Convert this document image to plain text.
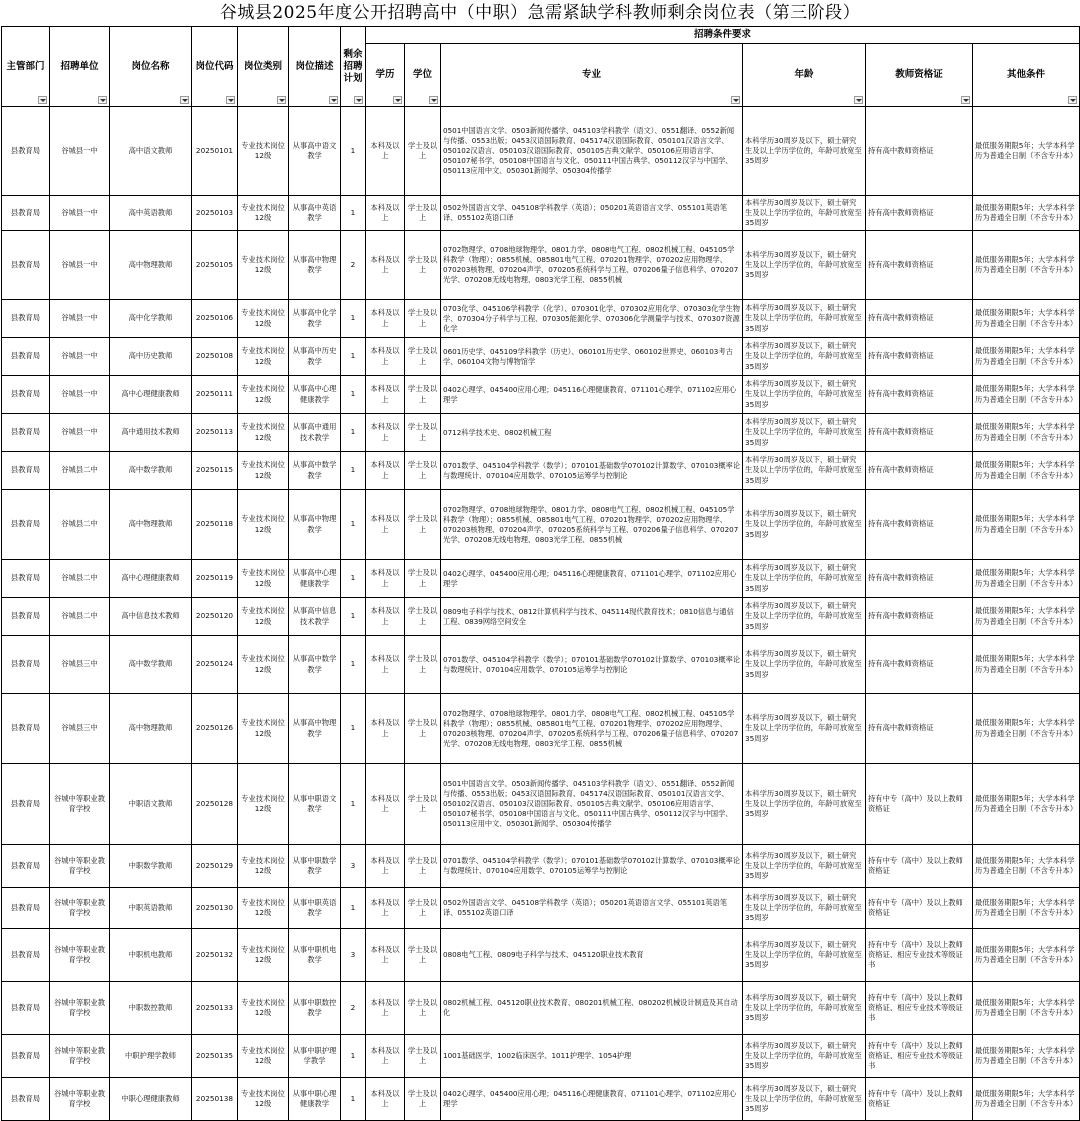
谷城县2025年度公开招聘高中（中职）急需紧缺学科教师剩余岗位表（第三阶段）
主管部门	招聘单位	岗位名称	岗位代码	岗位类别	岗位描述	剩余招聘计划	招聘条件要求					
							学历	学位	专业	年龄	教师资格证	其他条件

县教育局	谷城县一中	高中语文教师	20250101	专业技术岗位12级	从事高中语文教学	1	本科及以上	学士及以上	0501中国语言文学、0503新闻传播学、045103学科教学（语文）、0551翻译、0552新闻与传播、0553出版；0453汉语国际教育、045174汉语国际教育、050101汉语言文学、050102汉语言、050103汉语国际教育、050105古典文献学、050106应用语言学、050107秘书学、050108中国语言与文化、050111中国古典学、050112汉字与中国学、050113应用中文、050301新闻学、050304传播学	本科学历30周岁及以下，硕士研究生及以上学历学位的，年龄可放宽至35周岁	持有高中教师资格证	最低服务期限5年；大学本科学历为普通全日制（不含专升本）
县教育局	谷城县一中	高中英语教师	20250103	专业技术岗位12级	从事高中英语教学	1	本科及以上	学士及以上	0502外国语言文学、045108学科教学（英语）；050201英语语言文学、055101英语笔译、055102英语口译	本科学历30周岁及以下，硕士研究生及以上学历学位的，年龄可放宽至35周岁	持有高中教师资格证	最低服务期限5年；大学本科学历为普通全日制（不含专升本）
县教育局	谷城县一中	高中物理教师	20250105	专业技术岗位12级	从事高中物理教学	2	本科及以上	学士及以上	0702物理学、0708地球物理学、0801力学、0808电气工程、0802机械工程、045105学科教学（物理）；0855机械、085801电气工程、070201物理学、070202应用物理学、070203核物理、070204声学、070205系统科学与工程、070206量子信息科学、070207光学、070208无线电物理、0803光学工程、0855机械	本科学历30周岁及以下，硕士研究生及以上学历学位的，年龄可放宽至35周岁	持有高中教师资格证	最低服务期限5年；大学本科学历为普通全日制（不含专升本）
县教育局	谷城县一中	高中化学教师	20250106	专业技术岗位12级	从事高中化学教学	1	本科及以上	学士及以上	0703化学、045106学科教学（化学）、070301化学、070302应用化学、070303化学生物学、070304分子科学与工程、070305能源化学、070306化学测量学与技术、070307资源化学	本科学历30周岁及以下，硕士研究生及以上学历学位的，年龄可放宽至35周岁	持有高中教师资格证	最低服务期限5年；大学本科学历为普通全日制（不含专升本）
县教育局	谷城县一中	高中历史教师	20250108	专业技术岗位12级	从事高中历史教学	1	本科及以上	学士及以上	0601历史学、045109学科教学（历史）、060101历史学、060102世界史、060103考古学、060104文物与博物馆学	本科学历30周岁及以下，硕士研究生及以上学历学位的，年龄可放宽至35周岁	持有高中教师资格证	最低服务期限5年；大学本科学历为普通全日制（不含专升本）
县教育局	谷城县一中	高中心理健康教师	20250111	专业技术岗位12级	从事高中心理健康教学	1	本科及以上	学士及以上	0402心理学、045400应用心理；045116心理健康教育、071101心理学、071102应用心理学	本科学历30周岁及以下，硕士研究生及以上学历学位的，年龄可放宽至35周岁	持有高中教师资格证	最低服务期限5年；大学本科学历为普通全日制（不含专升本）
县教育局	谷城县一中	高中通用技术教师	20250113	专业技术岗位12级	从事高中通用技术教学	1	本科及以上	学士及以上	0712科学技术史、0802机械工程	本科学历30周岁及以下，硕士研究生及以上学历学位的，年龄可放宽至35周岁	持有高中教师资格证	最低服务期限5年；大学本科学历为普通全日制（不含专升本）
县教育局	谷城县二中	高中数学教师	20250115	专业技术岗位12级	从事高中数学教学	1	本科及以上	学士及以上	0701数学、045104学科教学（数学）；070101基础数学070102计算数学、070103概率论与数理统计、070104应用数学、070105运筹学与控制论	本科学历30周岁及以下，硕士研究生及以上学历学位的，年龄可放宽至35周岁	持有高中教师资格证	最低服务期限5年；大学本科学历为普通全日制（不含专升本）
县教育局	谷城县二中	高中物理教师	20250118	专业技术岗位12级	从事高中物理教学	1	本科及以上	学士及以上	0702物理学、0708地球物理学、0801力学、0808电气工程、0802机械工程、045105学科教学（物理）；0855机械、085801电气工程、070201物理学、070202应用物理学、070203核物理、070204声学、070205系统科学与工程、070206量子信息科学、070207光学、070208无线电物理、0803光学工程、0855机械	本科学历30周岁及以下，硕士研究生及以上学历学位的，年龄可放宽至35周岁	持有高中教师资格证	最低服务期限5年；大学本科学历为普通全日制（不含专升本）
县教育局	谷城县二中	高中心理健康教师	20250119	专业技术岗位12级	从事高中心理健康教学	1	本科及以上	学士及以上	0402心理学、045400应用心理；045116心理健康教育、071101心理学、071102应用心理学	本科学历30周岁及以下，硕士研究生及以上学历学位的，年龄可放宽至35周岁	持有高中教师资格证	最低服务期限5年；大学本科学历为普通全日制（不含专升本）
县教育局	谷城县二中	高中信息技术教师	20250120	专业技术岗位12级	从事高中信息技术教学	1	本科及以上	学士及以上	0809电子科学与技术、0812计算机科学与技术、045114现代教育技术；0810信息与通信工程、0839网络空间安全	本科学历30周岁及以下，硕士研究生及以上学历学位的，年龄可放宽至35周岁	持有高中教师资格证	最低服务期限5年；大学本科学历为普通全日制（不含专升本）
县教育局	谷城县三中	高中数学教师	20250124	专业技术岗位12级	从事高中数学教学	1	本科及以上	学士及以上	0701数学、045104学科教学（数学）；070101基础数学070102计算数学、070103概率论与数理统计、070104应用数学、070105运筹学与控制论	本科学历30周岁及以下，硕士研究生及以上学历学位的，年龄可放宽至35周岁	持有高中教师资格证	最低服务期限5年；大学本科学历为普通全日制（不含专升本）
县教育局	谷城县三中	高中物理教师	20250126	专业技术岗位12级	从事高中物理教学	1	本科及以上	学士及以上	0702物理学、0708地球物理学、0801力学、0808电气工程、0802机械工程、045105学科教学（物理）；0855机械、085801电气工程、070201物理学、070202应用物理学、070203核物理、070204声学、070205系统科学与工程、070206量子信息科学、070207光学、070208无线电物理、0803光学工程、0855机械	本科学历30周岁及以下，硕士研究生及以上学历学位的，年龄可放宽至35周岁	持有高中教师资格证	最低服务期限5年；大学本科学历为普通全日制（不含专升本）
县教育局	谷城中等职业教育学校	中职语文教师	20250128	专业技术岗位12级	从事中职语文教学	1	本科及以上	学士及以上	0501中国语言文学、0503新闻传播学、045103学科教学（语文）、0551翻译、0552新闻与传播、0553出版；0453汉语国际教育、045174汉语国际教育、050101汉语言文学、050102汉语言、050103汉语国际教育、050105古典文献学、050106应用语言学、050107秘书学、050108中国语言与文化、050111中国古典学、050112汉字与中国学、050113应用中文、050301新闻学、050304传播学	本科学历30周岁及以下，硕士研究生及以上学历学位的，年龄可放宽至35周岁	持有中专（高中）及以上教师资格证	最低服务期限5年；大学本科学历为普通全日制（不含专升本）
县教育局	谷城中等职业教育学校	中职数学教师	20250129	专业技术岗位12级	从事中职数学教学	3	本科及以上	学士及以上	0701数学、045104学科教学（数学）；070101基础数学070102计算数学、070103概率论与数理统计、070104应用数学、070105运筹学与控制论	本科学历30周岁及以下，硕士研究生及以上学历学位的，年龄可放宽至35周岁	持有中专（高中）及以上教师资格证	最低服务期限5年；大学本科学历为普通全日制（不含专升本）
县教育局	谷城中等职业教育学校	中职英语教师	20250130	专业技术岗位12级	从事中职英语教学	1	本科及以上	学士及以上	0502外国语言文学、045108学科教学（英语）；050201英语语言文学、055101英语笔译、055102英语口译	本科学历30周岁及以下，硕士研究生及以上学历学位的，年龄可放宽至35周岁	持有中专（高中）及以上教师资格证	最低服务期限5年；大学本科学历为普通全日制（不含专升本）
县教育局	谷城中等职业教育学校	中职机电教师	20250132	专业技术岗位12级	从事中职机电教学	3	本科及以上	学士及以上	0808电气工程、0809电子科学与技术、045120职业技术教育	本科学历30周岁及以下，硕士研究生及以上学历学位的，年龄可放宽至35周岁	持有中专（高中）及以上教师资格证、相应专业技术等级证书	最低服务期限5年；大学本科学历为普通全日制（不含专升本）
县教育局	谷城中等职业教育学校	中职数控教师	20250133	专业技术岗位12级	从事中职数控教学	2	本科及以上	学士及以上	0802机械工程、045120职业技术教育、080201机械工程、080202机械设计制造及其自动化	本科学历30周岁及以下，硕士研究生及以上学历学位的，年龄可放宽至35周岁	持有中专（高中）及以上教师资格证、相应专业技术等级证书	最低服务期限5年；大学本科学历为普通全日制（不含专升本）
县教育局	谷城中等职业教育学校	中职护理学教师	20250135	专业技术岗位12级	从事中职护理学教学	1	本科及以上	学士及以上	1001基础医学、1002临床医学、1011护理学、1054护理	本科学历30周岁及以下，硕士研究生及以上学历学位的，年龄可放宽至35周岁	持有中专（高中）及以上教师资格证、相应专业技术等级证书	最低服务期限5年；大学本科学历为普通全日制（不含专升本）
县教育局	谷城中等职业教育学校	中职心理健康教师	20250138	专业技术岗位12级	从事中职心理健康教学	1	本科及以上	学士及以上	0402心理学、045400应用心理；045116心理健康教育、071101心理学、071102应用心理学	本科学历30周岁及以下，硕士研究生及以上学历学位的，年龄可放宽至35周岁	持有中专（高中）及以上教师资格证	最低服务期限5年；大学本科学历为普通全日制（不含专升本）
